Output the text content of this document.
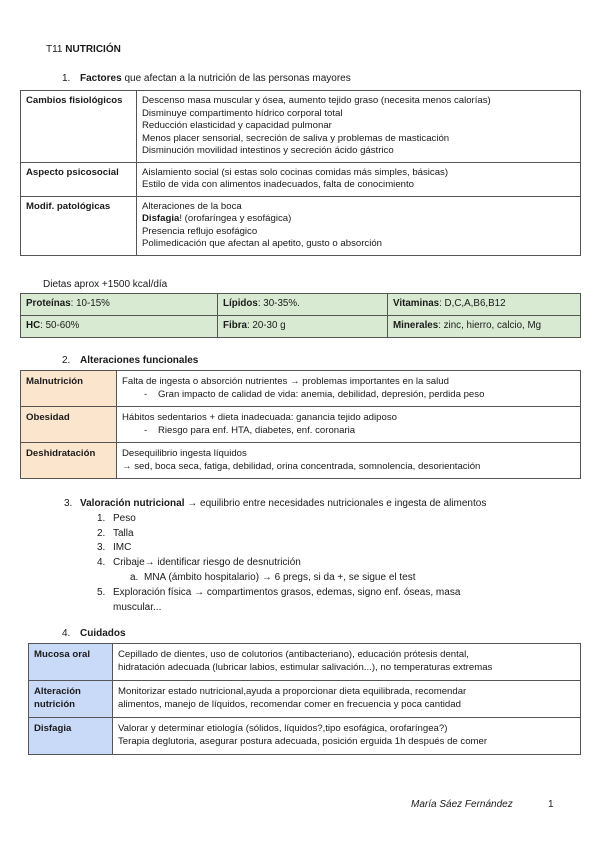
T11 NUTRICIÓN
1. Factores que afectan a la nutrición de las personas mayores
Cambios fisiológicos	Descenso masa muscular y ósea, aumento tejido graso (necesita menos calorías)
Disminuye compartimento hídrico corporal total
Reducción elasticidad y capacidad pulmonar
Menos placer sensorial, secreción de saliva y problemas de masticación
Disminución movilidad intestinos y secreción ácido gástrico

Aspecto psicosocial	Aislamiento social (si estas solo cocinas comidas más simples, básicas)
Estilo de vida con alimentos inadecuados, falta de conocimiento

Modif. patológicas	Alteraciones de la boca
Disfagia! (orofaríngea y esofágica)
Presencia reflujo esofágico
Polimedicación que afectan al apetito, gusto o absorción
Dietas aprox +1500 kcal/día
Proteínas: 10-15%	Lípidos: 30-35%.	Vitaminas: D,C,A,B6,B12
HC: 50-60%	Fibra: 20-30 g	Minerales: zinc, hierro, calcio, Mg
2. Alteraciones funcionales
Malnutrición	Falta de ingesta o absorción nutrientes → problemas importantes en la salud
- Gran impacto de calidad de vida: anemia, debilidad, depresión, perdida peso

Obesidad	Hábitos sedentarios + dieta inadecuada: ganancia tejido adiposo
- Riesgo para enf. HTA, diabetes, enf. coronaria

Deshidratación	Desequilibrio ingesta líquidos
→ sed, boca seca, fatiga, debilidad, orina concentrada, somnolencia, desorientación
3. Valoración nutricional → equilibrio entre necesidades nutricionales e ingesta de alimentos
1. Peso
2. Talla
3. IMC
4. Cribaje→ identificar riesgo de desnutrición
a. MNA (ámbito hospitalario) → 6 pregs, si da +, se sigue el test
5. Exploración física → compartimentos grasos, edemas, signo enf. óseas, masa
muscular...
4. Cuidados
Mucosa oral	Cepillado de dientes, uso de colutorios (antibacteriano), educación prótesis dental,
hidratación adecuada (lubricar labios, estimular salivación...), no temperaturas extremas

Alteración nutrición	Monitorizar estado nutricional,ayuda a proporcionar dieta equilibrada, recomendar
alimentos, manejo de líquidos, recomendar comer en frecuencia y poca cantidad

Disfagia	Valorar y determinar etiología (sólidos, líquidos?,tipo esofágica, orofaríngea?)
Terapia deglutoria, asegurar postura adecuada, posición erguida 1h después de comer
María Sáez Fernández	1
